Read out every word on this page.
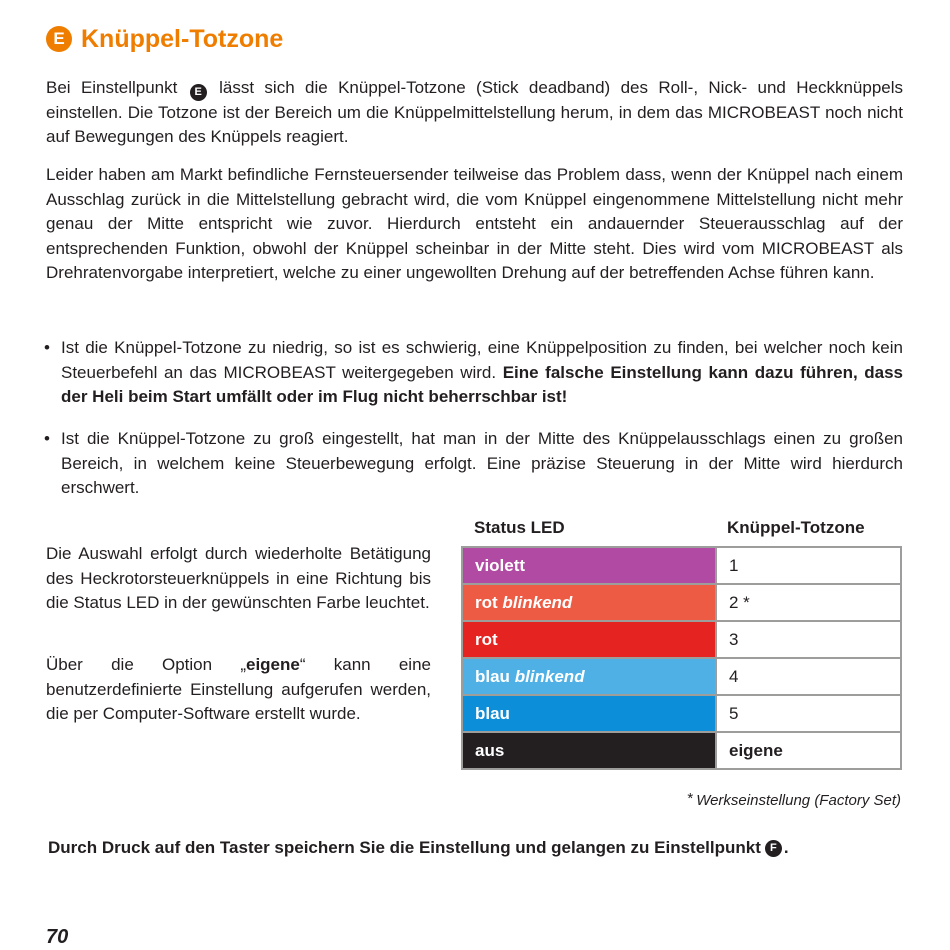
E Knüppel-Totzone

Bei Einstellpunkt E lässt sich die Knüppel-Totzone (Stick deadband) des Roll-, Nick- und Heckknüppels einstellen. Die Totzone ist der Bereich um die Knüppelmittelstellung herum, in dem das MICROBEAST noch nicht auf Bewegungen des Knüppels reagiert.

Leider haben am Markt befindliche Fernsteuersender teilweise das Problem dass, wenn der Knüppel nach einem Ausschlag zurück in die Mittelstellung gebracht wird, die vom Knüppel eingenommene Mittelstellung nicht mehr genau der Mitte entspricht wie zuvor. Hierdurch entsteht ein andauernder Steuerausschlag auf der entsprechenden Funktion, obwohl der Knüppel scheinbar in der Mitte steht. Dies wird vom MICROBEAST als Drehratenvorgabe interpretiert, welche zu einer ungewollten Drehung auf der betreffenden Achse führen kann.

• Ist die Knüppel-Totzone zu niedrig, so ist es schwierig, eine Knüppelposition zu finden, bei welcher noch kein Steuerbefehl an das MICROBEAST weitergegeben wird. Eine falsche Einstellung kann dazu führen, dass der Heli beim Start umfällt oder im Flug nicht beherrschbar ist!
• Ist die Knüppel-Totzone zu groß eingestellt, hat man in der Mitte des Knüppelausschlags einen zu großen Bereich, in welchem keine Steuerbewegung erfolgt. Eine präzise Steuerung in der Mitte wird hierdurch erschwert.

Die Auswahl erfolgt durch wiederholte Betätigung des Heckrotorsteuerknüppels in eine Richtung bis die Status LED in der gewünschten Farbe leuchtet.

Über die Option „eigene“ kann eine benutzerdefinierte Einstellung aufgerufen werden, die per Computer-Software erstellt wurde.

Status LED	Knüppel-Totzone
violett	1
rot blinkend	2 *
rot	3
blau blinkend	4
blau	5
aus	eigene
* Werkseinstellung (Factory Set)
Durch Druck auf den Taster speichern Sie die Einstellung und gelangen zu Einstellpunkt F .
70
